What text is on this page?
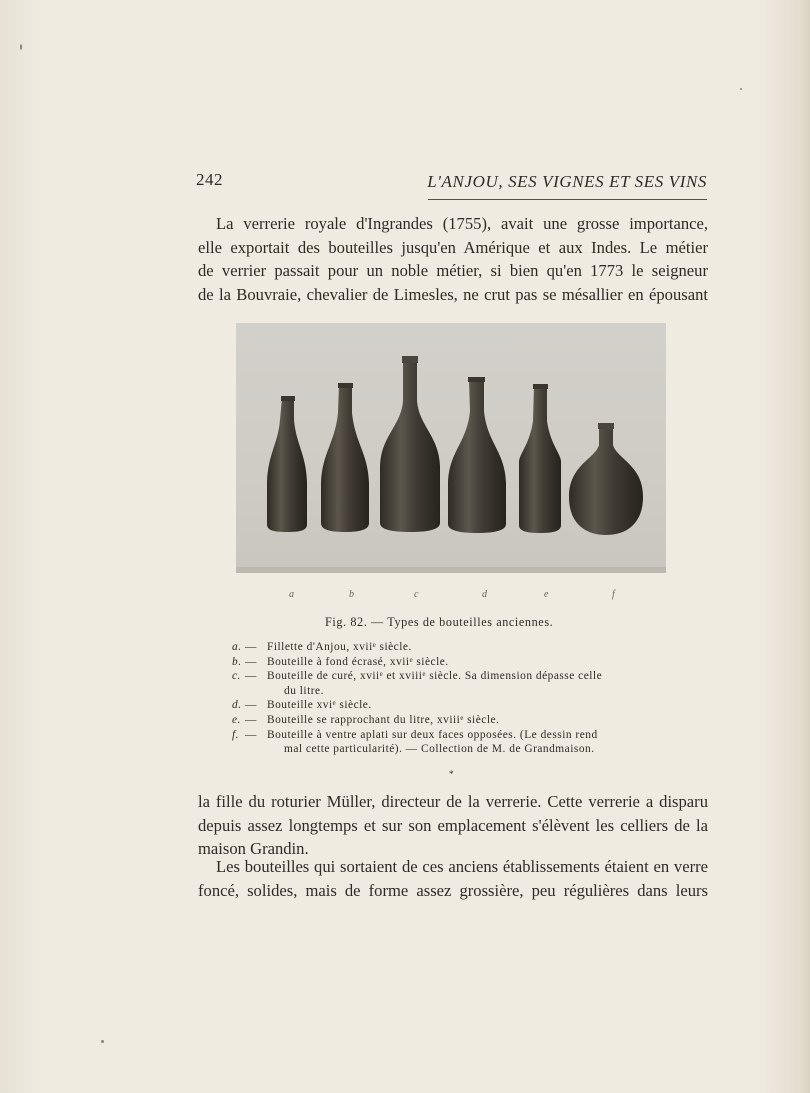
242	L'ANJOU, SES VIGNES ET SES VINS

La verrerie royale d'Ingrandes (1755), avait une grosse importance,
elle exportait des bouteilles jusqu'en Amérique et aux Indes. Le métier
de verrier passait pour un noble métier, si bien qu'en 1773 le seigneur
de la Bouvraie, chevalier de Limesles, ne crut pas se mésallier en épousant

a	b	c	d	e	f
Fig. 82. — Types de bouteilles anciennes.
a. — Fillette d'Anjou, xviiᵉ siècle.
b. — Bouteille à fond écrasé, xviiᵉ siècle.
c. — Bouteille de curé, xviiᵉ et xviiiᵉ siècle. Sa dimension dépasse celle
du litre.
d. — Bouteille xviᵉ siècle.
e. — Bouteille se rapprochant du litre, xviiiᵉ siècle.
f. — Bouteille à ventre aplati sur deux faces opposées. (Le dessin rend
mal cette particularité). — Collection de M. de Grandmaison.
*

la fille du roturier Müller, directeur de la verrerie. Cette verrerie a disparu
depuis assez longtemps et sur son emplacement s'élèvent les celliers de la
maison Grandin.

Les bouteilles qui sortaient de ces anciens établissements étaient en verre
foncé, solides, mais de forme assez grossière, peu régulières dans leurs
